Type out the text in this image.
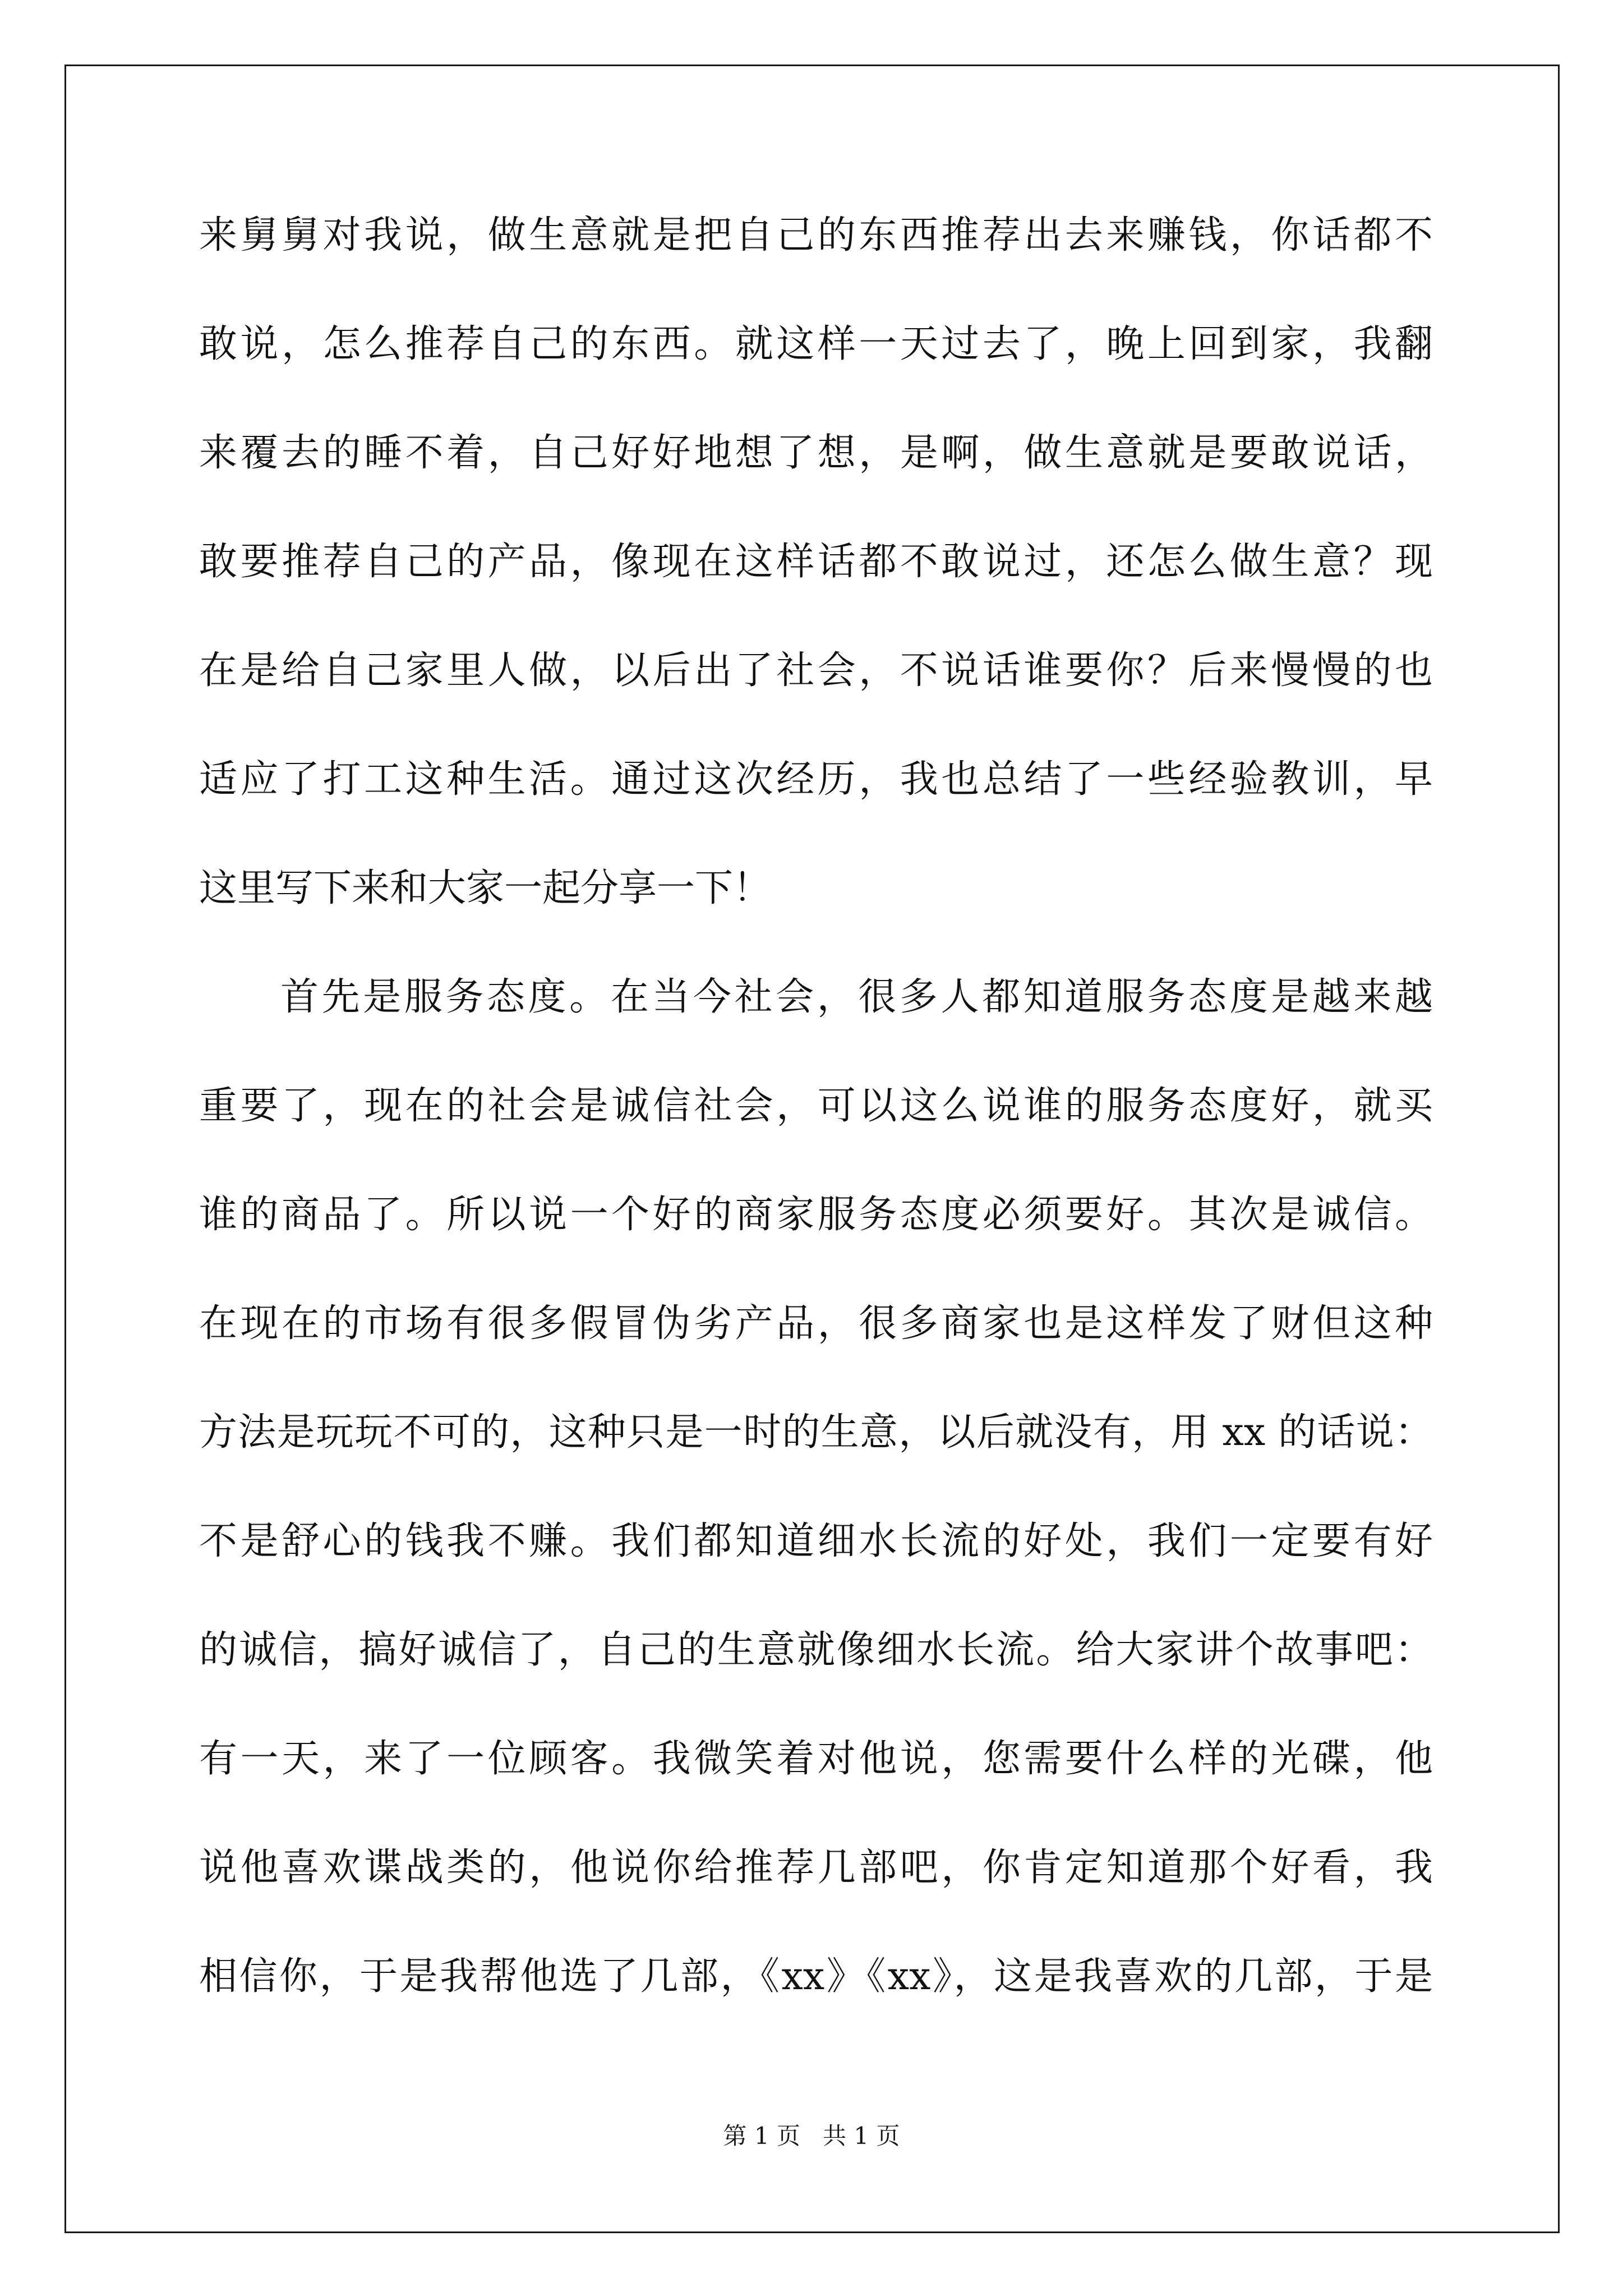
来舅舅对我说，做生意就是把自己的东西推荐出去来赚钱，你话都不
敢说，怎么推荐自己的东西。就这样一天过去了，晚上回到家，我翻
来覆去的睡不着，自己好好地想了想，是啊，做生意就是要敢说话，
敢要推荐自己的产品，像现在这样话都不敢说过，还怎么做生意？现
在是给自己家里人做，以后出了社会，不说话谁要你？后来慢慢的也
适应了打工这种生活。通过这次经历，我也总结了一些经验教训，早
这里写下来和大家一起分享一下！
首先是服务态度。在当今社会，很多人都知道服务态度是越来越
重要了，现在的社会是诚信社会，可以这么说谁的服务态度好，就买
谁的商品了。所以说一个好的商家服务态度必须要好。其次是诚信。
在现在的市场有很多假冒伪劣产品，很多商家也是这样发了财但这种
方法是玩玩不可的，这种只是一时的生意，以后就没有，用 xx 的话说：
不是舒心的钱我不赚。我们都知道细水长流的好处，我们一定要有好
的诚信，搞好诚信了，自己的生意就像细水长流。给大家讲个故事吧：
有一天，来了一位顾客。我微笑着对他说，您需要什么样的光碟，他
说他喜欢谍战类的，他说你给推荐几部吧，你肯定知道那个好看，我
相信你，于是我帮他选了几部，《xx》《xx》，这是我喜欢的几部，于是
第 1 页   共 1 页
